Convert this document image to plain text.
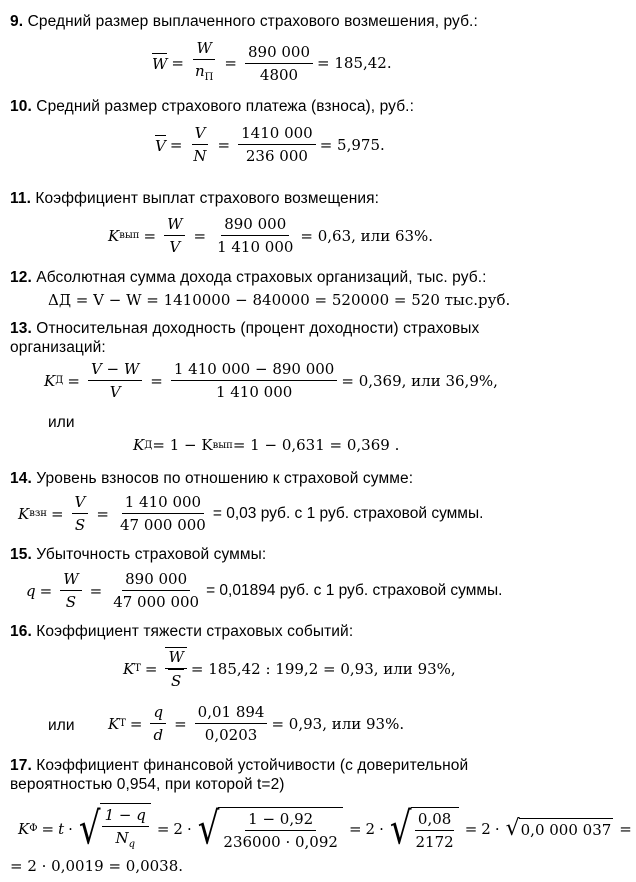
9. Средний размер выплаченного страхового возмешения, руб.:
$W = \frac{W}{n_П} = \frac{890 000}{4800} = 185,42$.
10. Средний размер страхового платежа (взноса), руб.:
$V = \frac{V}{N} = \frac{1410 000}{236 000} = 5,975$.
11. Коэффициент выплат страхового возмещения:
K вып = $\frac{W}{V} = \frac{890 000}{1 410 000} = 0,63$, или 63%.
12. Абсолютная сумма дохода страховых организаций, тыс. руб.:
ΔД = V − W = 1410000 − 840000 = 520000 = 520 тыс.руб.
13. Относительная доходность (процент доходности) страховых организаций:
K $Д = \frac{V - W}{V} = \frac{1 410 000 - 890 000}{1 410 000} = 0,369$, или 36,9%,
или
K Д = 1 − K вып = 1 − 0,631 = 0,369 .
14. Уровень взносов по отношению к страховой сумме:
K взн = $\frac{V}{S} = \frac{1 410 000}{47 000 000} = 0,03$ руб. с 1 руб. страховой суммы.
15. Убыточность страховой суммы:
$q = \frac{W}{S} = \frac{890 000}{47 000 000} = 0,01894$ руб. с 1 руб. страховой суммы.
16. Коэффициент тяжести страховых событий:
K $T = \frac{W}{S} = 185,42$ : 199,2 = 0,93, или 93%,
или K $T = \frac{q}{d} = \frac{0,01 894}{0,0203} = 0,93$, или 93%.
17. Коэффициент финансовой устойчивости (с доверительной вероятностью 0,954, при которой t=2)
K Ф = t · √ $\frac{1 - q}{N_q} = 2$ · √ $\frac{1 - 0,92}{236000 \cdot 0,092} = 2$ · √ $\frac{0,08}{2172} = 2$ · √ 0,0 000 037 =
= 2 · 0,0019 = 0,0038.
